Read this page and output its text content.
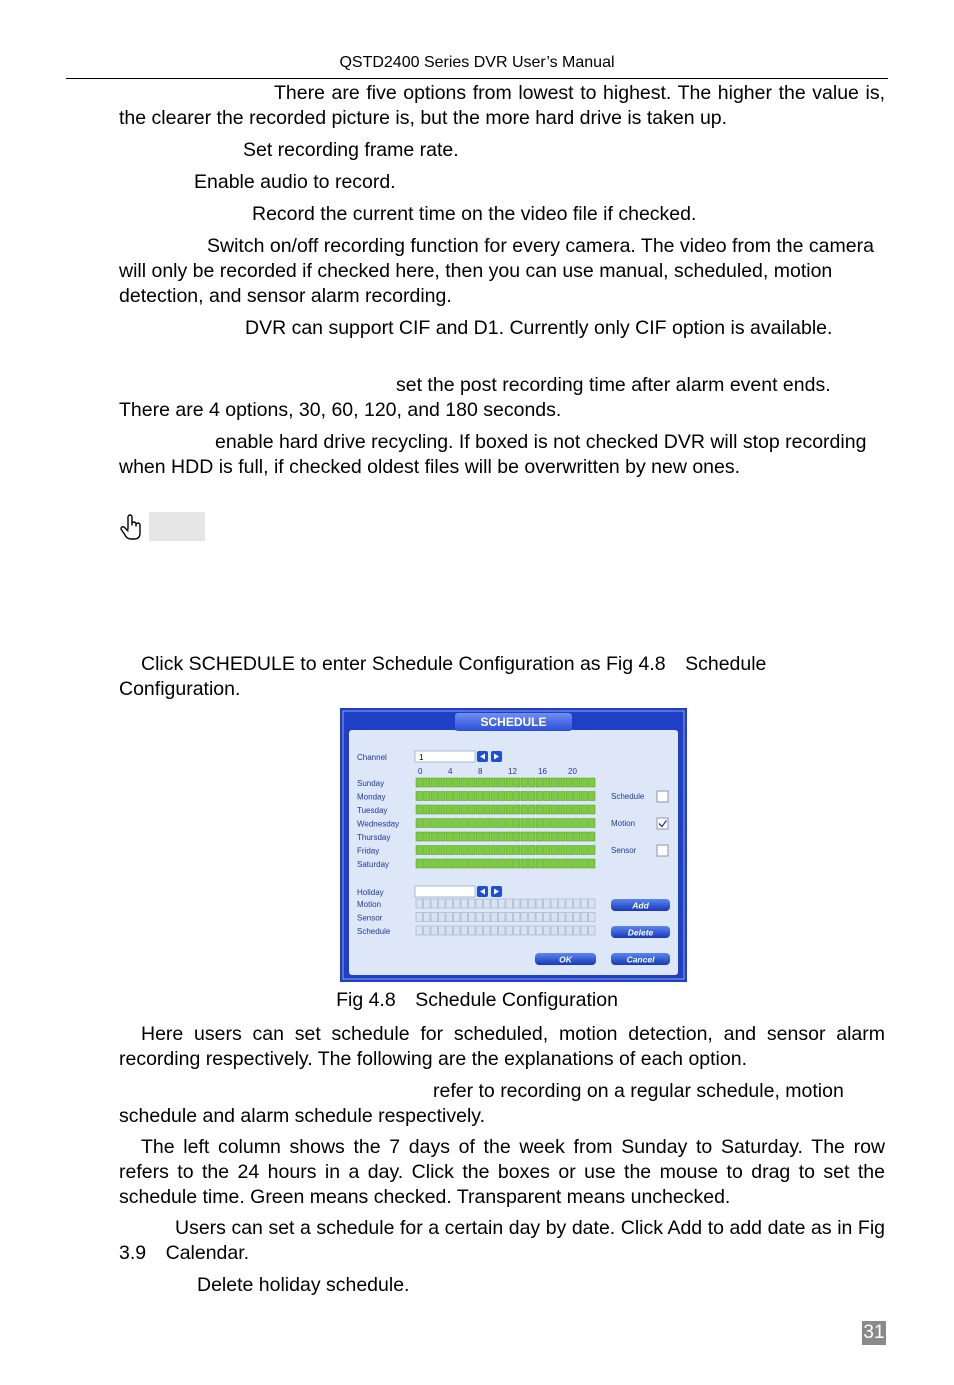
QSTD2400 Series DVR User’s Manual

There are five options from lowest to highest. The higher the value is, the clearer the recorded picture is, but the more hard drive is taken up.

Set recording frame rate.

Enable audio to record.

Record the current time on the video file if checked.

Switch on/off recording function for every camera. The video from the camera will only be recorded if checked here, then you can use manual, scheduled, motion detection, and sensor alarm recording.

DVR can support CIF and D1. Currently only CIF option is available.

set the post recording time after alarm event ends. There are 4 options, 30, 60, 120, and 180 seconds.

enable hard drive recycling. If boxed is not checked DVR will stop recording when HDD is full, if checked oldest files will be overwritten by new ones.

Click SCHEDULE to enter Schedule Configuration as Fig 4.8 Schedule Configuration.

SCHEDULE
Channel	1
0	4	8	12	16	20
Sunday
Monday
Tuesday
Wednesday
Thursday
Friday
Saturday
Schedule
Motion
Sensor
Holiday
Motion
Sensor
Schedule
Add
Delete
OK	Cancel
Fig 4.8 Schedule Configuration

Here users can set schedule for scheduled, motion detection, and sensor alarm recording respectively. The following are the explanations of each option.

refer to recording on a regular schedule, motion schedule and alarm schedule respectively.

The left column shows the 7 days of the week from Sunday to Saturday. The row refers to the 24 hours in a day. Click the boxes or use the mouse to drag to set the schedule time. Green means checked. Transparent means unchecked.

Users can set a schedule for a certain day by date. Click Add to add date as in Fig 3.9 Calendar.

Delete holiday schedule.

31
